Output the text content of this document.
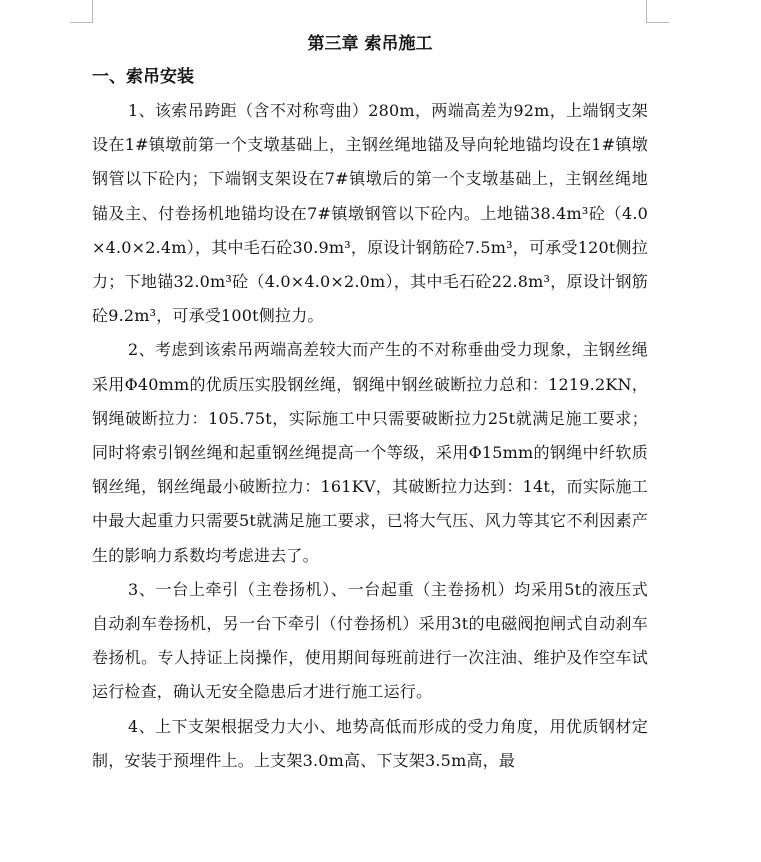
第三章 索吊施工
一、索吊安装

1、该索吊跨距（含不对称弯曲）280m，两端高差为92m，上端钢支架设在1#镇墩前第一个支墩基础上，主钢丝绳地锚及导向轮地锚均设在1#镇墩钢管以下砼内；下端钢支架设在7#镇墩后的第一个支墩基础上，主钢丝绳地锚及主、付卷扬机地锚均设在7#镇墩钢管以下砼内。上地锚38.4m³砼（4.0×4.0×2.4m），其中毛石砼30.9m³，原设计钢筋砼7.5m³，可承受120t侧拉力；下地锚32.0m³砼（4.0×4.0×2.0m），其中毛石砼22.8m³，原设计钢筋砼9.2m³，可承受100t侧拉力。

2、考虑到该索吊两端高差较大而产生的不对称垂曲受力现象，主钢丝绳采用Φ40mm的优质压实股钢丝绳，钢绳中钢丝破断拉力总和：1219.2KN，钢绳破断拉力：105.75t，实际施工中只需要破断拉力25t就满足施工要求；同时将索引钢丝绳和起重钢丝绳提高一个等级，采用Φ15mm的钢绳中纤软质钢丝绳，钢丝绳最小破断拉力：161KV，其破断拉力达到：14t，而实际施工中最大起重力只需要5t就满足施工要求，已将大气压、风力等其它不利因素产生的影响力系数均考虑进去了。

3、一台上牵引（主卷扬机）、一台起重（主卷扬机）均采用5t的液压式自动刹车卷扬机，另一台下牵引（付卷扬机）采用3t的电磁阀抱闸式自动刹车卷扬机。专人持证上岗操作，使用期间每班前进行一次注油、维护及作空车试运行检查，确认无安全隐患后才进行施工运行。

4、上下支架根据受力大小、地势高低而形成的受力角度，用优质钢材定制，安装于预埋件上。上支架3.0m高、下支架3.5m高，最
